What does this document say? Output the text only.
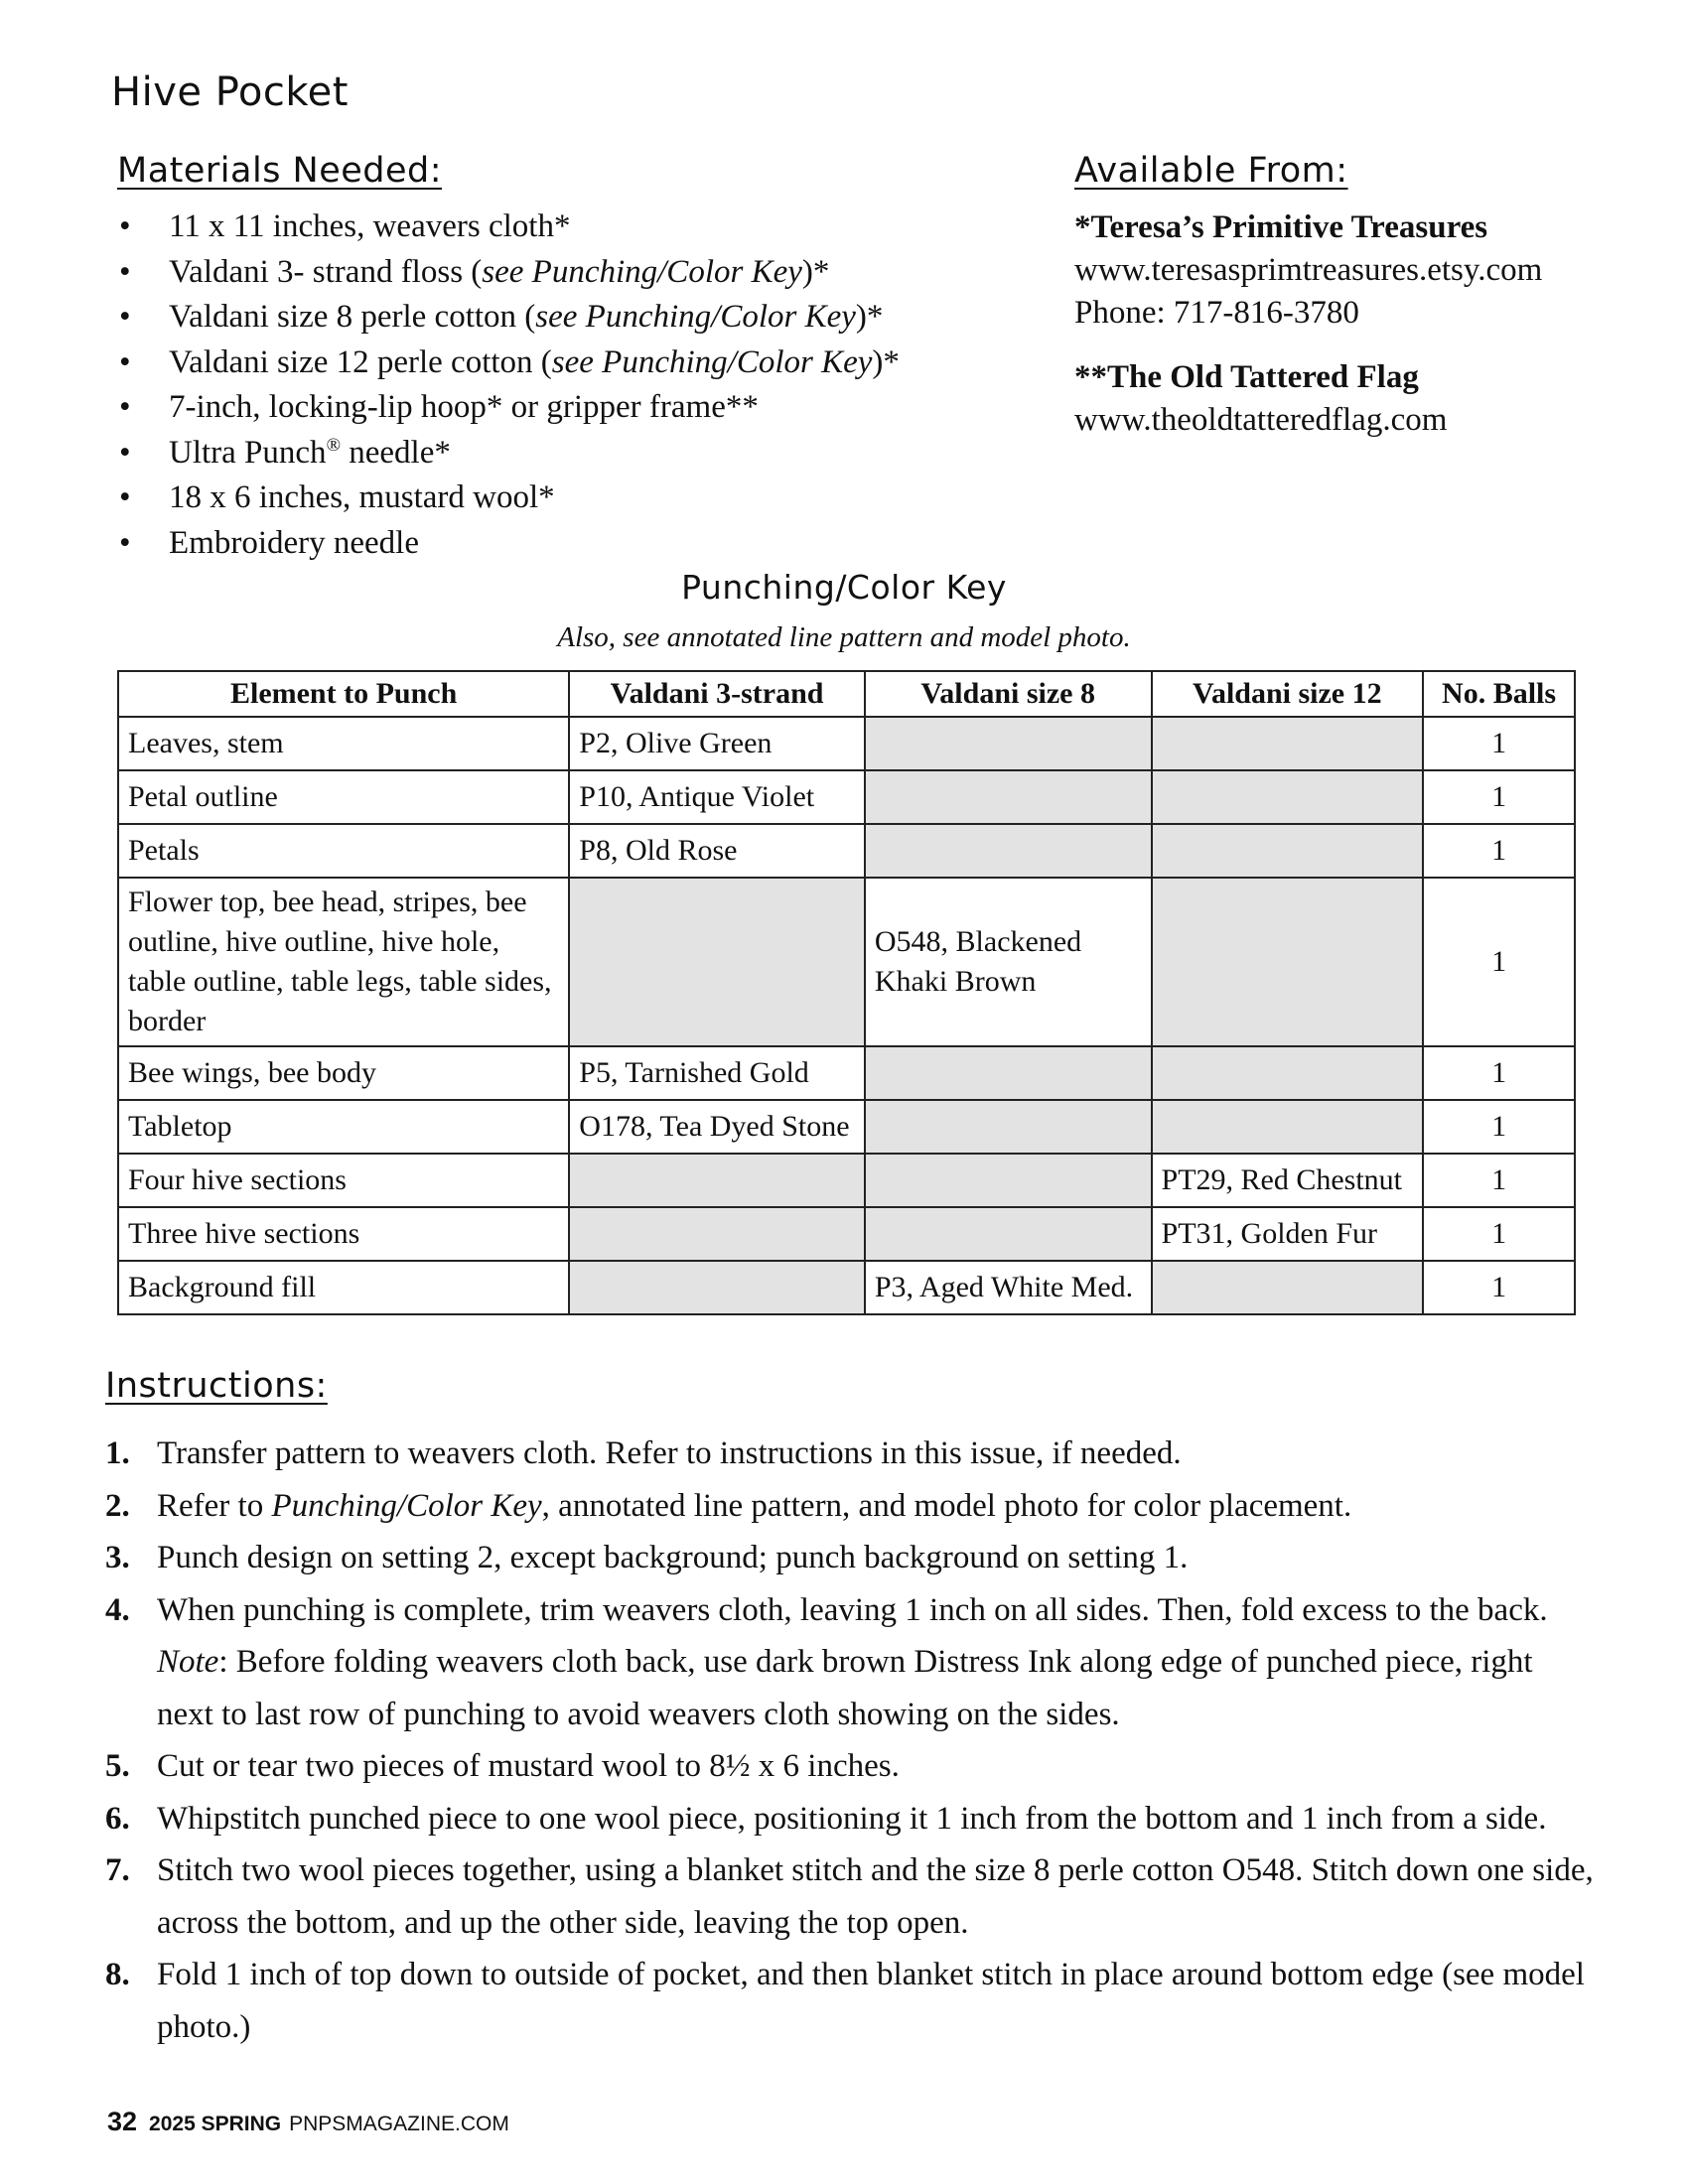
Hive Pocket
Materials Needed:
• 11 x 11 inches, weavers cloth*
• Valdani 3- strand floss (see Punching/Color Key)*
• Valdani size 8 perle cotton (see Punching/Color Key)*
• Valdani size 12 perle cotton (see Punching/Color Key)*
• 7-inch, locking-lip hoop* or gripper frame**
• Ultra Punch® needle*
• 18 x 6 inches, mustard wool*
• Embroidery needle
Available From:
*Teresa’s Primitive Treasures
www.teresasprimtreasures.etsy.com
Phone: 717-816-3780
**The Old Tattered Flag
www.theoldtatteredflag.com
Punching/Color Key

Also, see annotated line pattern and model photo.

Element to Punch	Valdani 3-strand	Valdani size 8	Valdani size 12	No. Balls
Leaves, stem	P2, Olive Green			1
Petal outline	P10, Antique Violet			1
Petals	P8, Old Rose			1
Flower top, bee head, stripes, bee outline, hive outline, hive hole, table outline, table legs, table sides, border		O548, Blackened Khaki Brown		1
Bee wings, bee body	P5, Tarnished Gold			1
Tabletop	O178, Tea Dyed Stone			1
Four hive sections			PT29, Red Chestnut	1
Three hive sections			PT31, Golden Fur	1
Background fill		P3, Aged White Med.		1
Instructions:
1. Transfer pattern to weavers cloth. Refer to instructions in this issue, if needed.
2. Refer to Punching/Color Key, annotated line pattern, and model photo for color placement.
3. Punch design on setting 2, except background; punch background on setting 1.
4. When punching is complete, trim weavers cloth, leaving 1 inch on all sides. Then, fold excess to the back. Note: Before folding weavers cloth back, use dark brown Distress Ink along edge of punched piece, right next to last row of punching to avoid weavers cloth showing on the sides.
5. Cut or tear two pieces of mustard wool to 8½ x 6 inches.
6. Whipstitch punched piece to one wool piece, positioning it 1 inch from the bottom and 1 inch from a side.
7. Stitch two wool pieces together, using a blanket stitch and the size 8 perle cotton O548. Stitch down one side, across the bottom, and up the other side, leaving the top open.
8. Fold 1 inch of top down to outside of pocket, and then blanket stitch in place around bottom edge (see model photo.)
32 2025 SPRING PNPSMAGAZINE.COM
